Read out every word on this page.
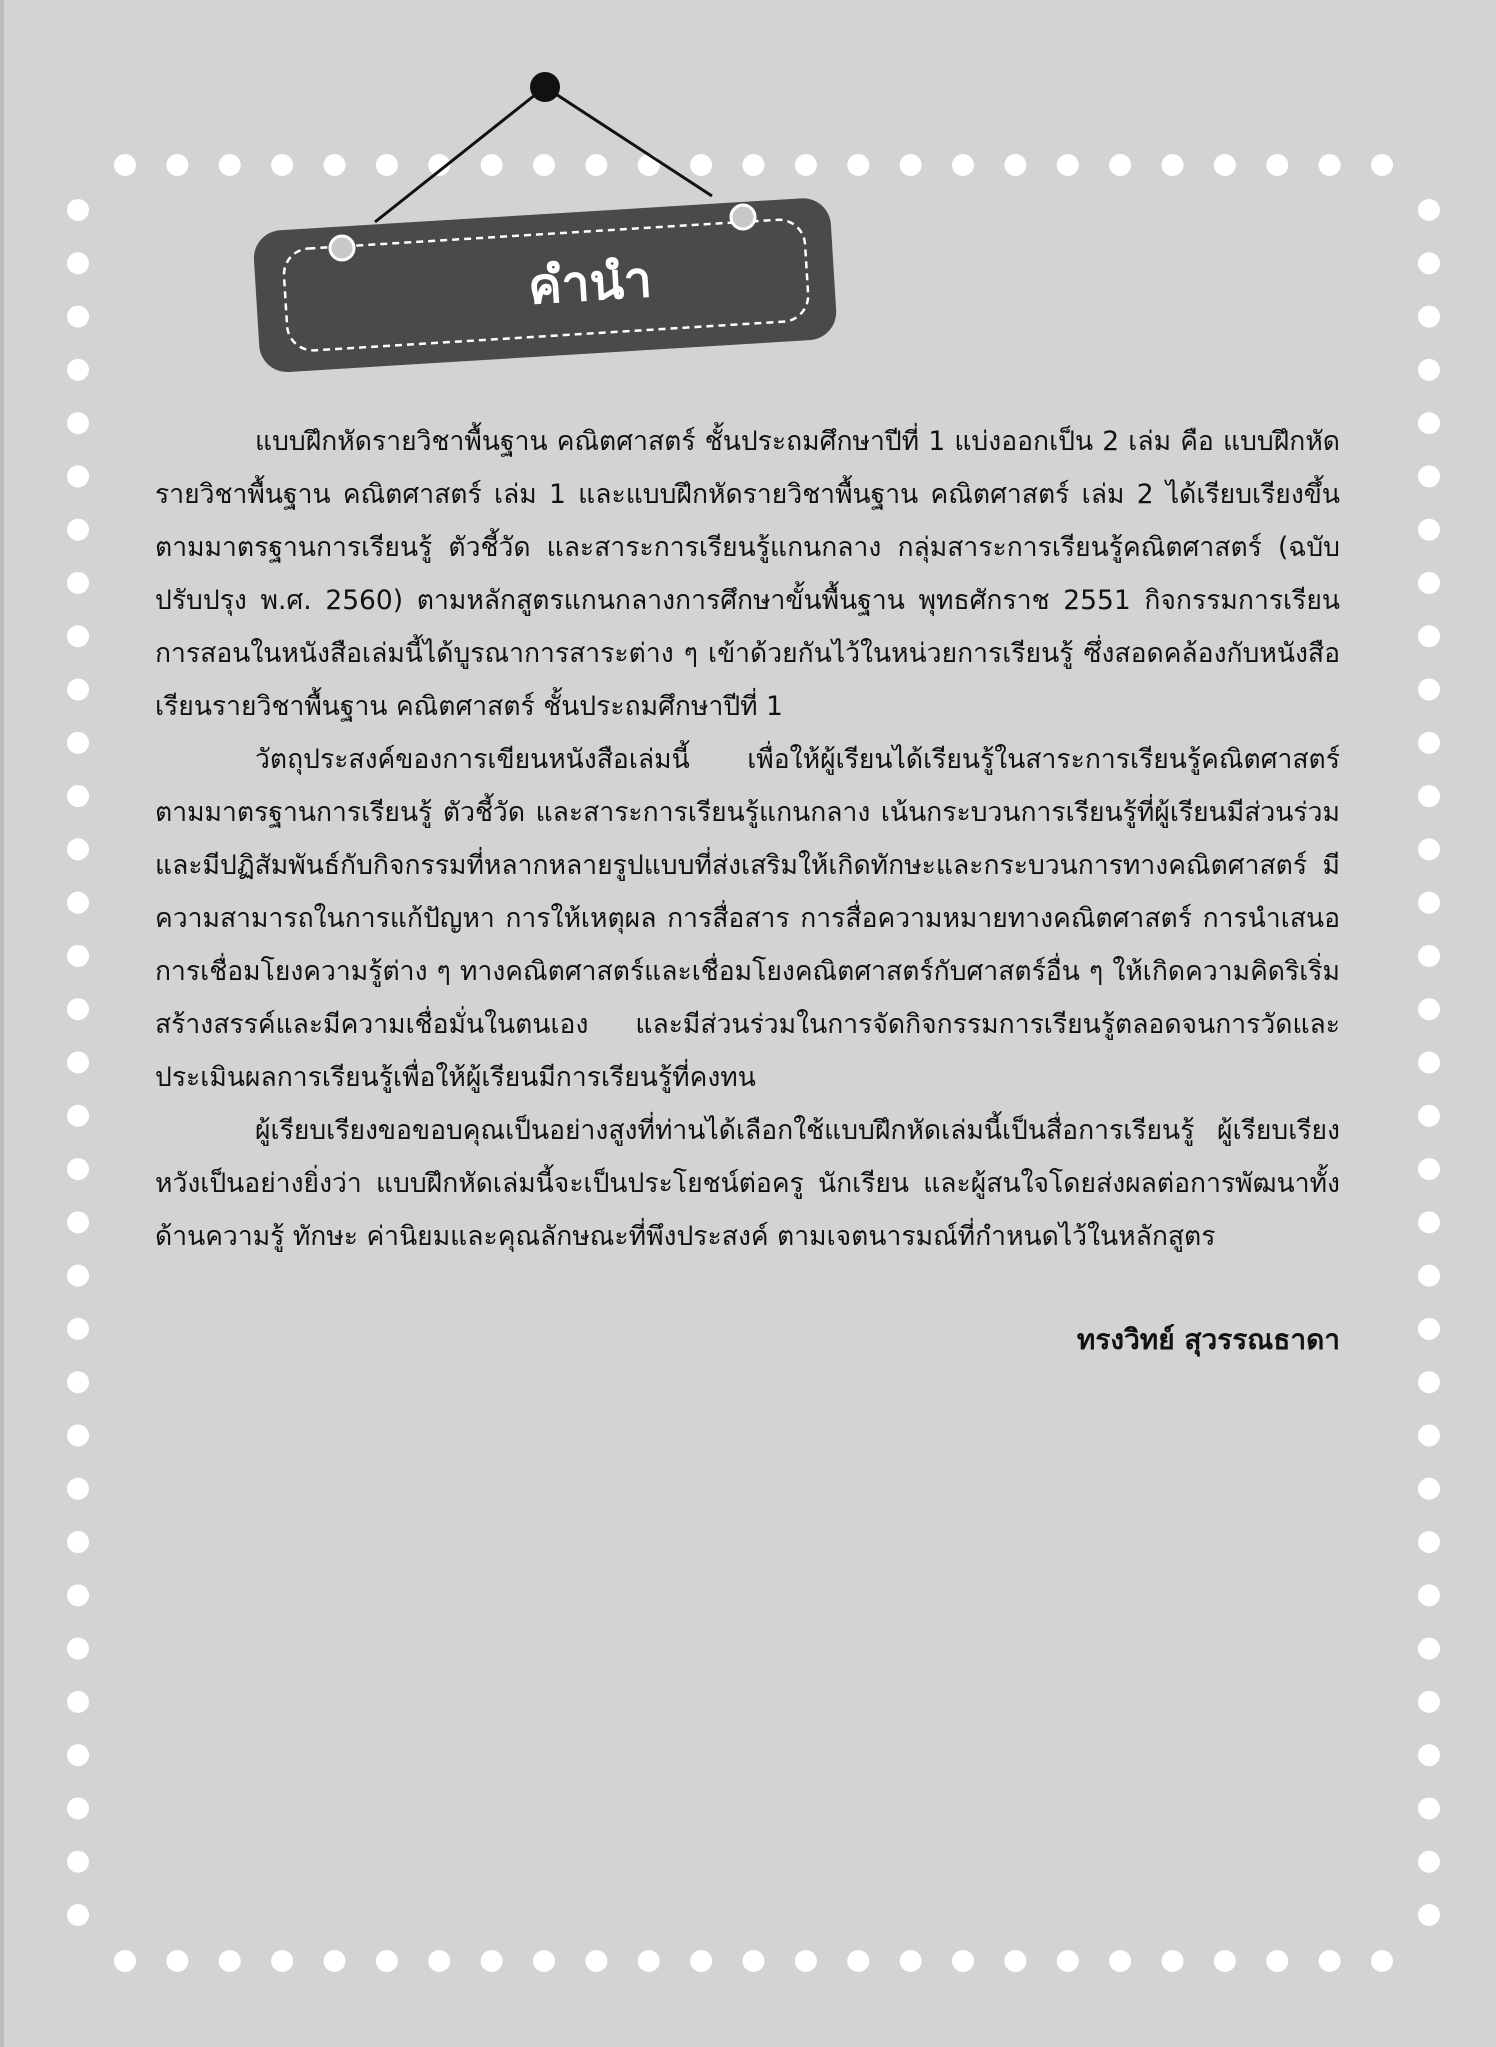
คำนำ

แบบฝึกหัดรายวิชาพื้นฐาน คณิตศาสตร์ ชั้นประถมศึกษาปีที่ 1 แบ่งออกเป็น 2 เล่ม คือ แบบฝึกหัดรายวิชาพื้นฐาน คณิตศาสตร์ เล่ม 1 และแบบฝึกหัดรายวิชาพื้นฐาน คณิตศาสตร์ เล่ม 2 ได้เรียบเรียงขึ้นตามมาตรฐานการเรียนรู้ ตัวชี้วัด และสาระการเรียนรู้แกนกลาง กลุ่มสาระการเรียนรู้คณิตศาสตร์ (ฉบับปรับปรุง พ.ศ. 2560) ตามหลักสูตรแกนกลางการศึกษาขั้นพื้นฐาน พุทธศักราช 2551 กิจกรรมการเรียนการสอนในหนังสือเล่มนี้ได้บูรณาการสาระต่าง ๆ เข้าด้วยกันไว้ในหน่วยการเรียนรู้ ซึ่งสอดคล้องกับหนังสือเรียนรายวิชาพื้นฐาน คณิตศาสตร์ ชั้นประถมศึกษาปีที่ 1

วัตถุประสงค์ของการเขียนหนังสือเล่มนี้ เพื่อให้ผู้เรียนได้เรียนรู้ในสาระการเรียนรู้คณิตศาสตร์ ตามมาตรฐานการเรียนรู้ ตัวชี้วัด และสาระการเรียนรู้แกนกลาง เน้นกระบวนการเรียนรู้ที่ผู้เรียนมีส่วนร่วม และมีปฏิสัมพันธ์กับกิจกรรมที่หลากหลายรูปแบบที่ส่งเสริมให้เกิดทักษะและกระบวนการทางคณิตศาสตร์ มีความสามารถในการแก้ปัญหา การให้เหตุผล การสื่อสาร การสื่อความหมายทางคณิตศาสตร์ การนำเสนอ การเชื่อมโยงความรู้ต่าง ๆ ทางคณิตศาสตร์และเชื่อมโยงคณิตศาสตร์กับศาสตร์อื่น ๆ ให้เกิดความคิดริเริ่มสร้างสรรค์และมีความเชื่อมั่นในตนเอง และมีส่วนร่วมในการจัดกิจกรรมการเรียนรู้ตลอดจนการวัดและประเมินผลการเรียนรู้เพื่อให้ผู้เรียนมีการเรียนรู้ที่คงทน

ผู้เรียบเรียงขอขอบคุณเป็นอย่างสูงที่ท่านได้เลือกใช้แบบฝึกหัดเล่มนี้เป็นสื่อการเรียนรู้ ผู้เรียบเรียงหวังเป็นอย่างยิ่งว่า แบบฝึกหัดเล่มนี้จะเป็นประโยชน์ต่อครู นักเรียน และผู้สนใจโดยส่งผลต่อการพัฒนาทั้งด้านความรู้ ทักษะ ค่านิยมและคุณลักษณะที่พึงประสงค์ ตามเจตนารมณ์ที่กำหนดไว้ในหลักสูตร

ทรงวิทย์ สุวรรณธาดา
